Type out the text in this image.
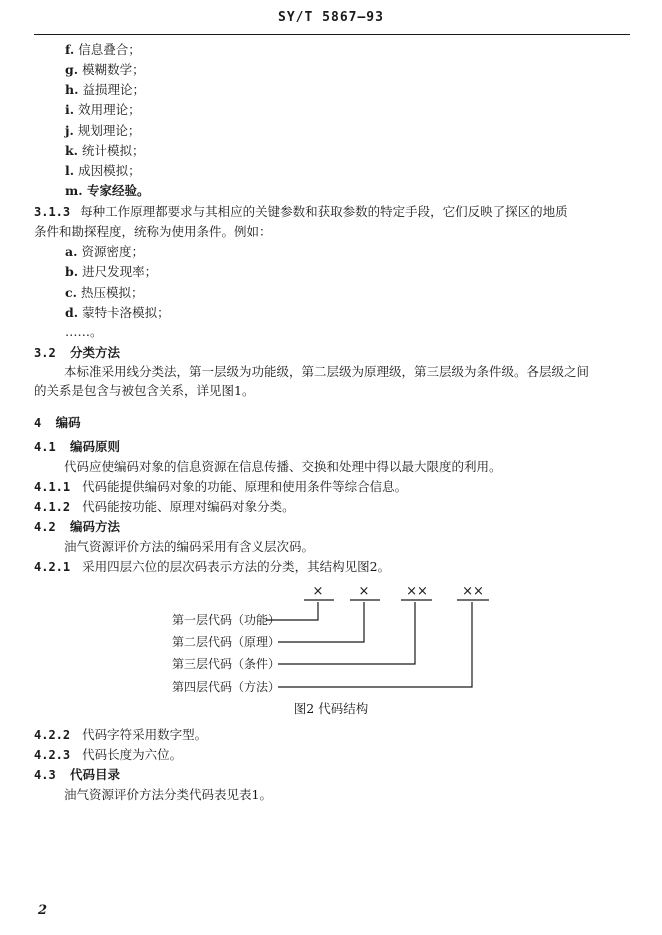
SY/T 5867—93
f. 信息叠合；
g. 模糊数学；
h. 益损理论；
i. 效用理论；
j. 规划理论；
k. 统计模拟；
l. 成因模拟；
m. 专家经验。
3.1.3 每种工作原理都要求与其相应的关键参数和获取参数的特定手段，它们反映了探区的地质
条件和勘探程度，统称为使用条件。例如：
a. 资源密度；
b. 进尺发现率；
c. 热压模拟；
d. 蒙特卡洛模拟；
……。
3.2 分类方法
本标准采用线分类法，第一层级为功能级，第二层级为原理级，第三层级为条件级。各层级之间
的关系是包含与被包含关系，详见图1。
4 编码
4.1 编码原则
代码应使编码对象的信息资源在信息传播、交换和处理中得以最大限度的利用。
4.1.1 代码能提供编码对象的功能、原理和使用条件等综合信息。
4.1.2 代码能按功能、原理对编码对象分类。
4.2 编码方法
油气资源评价方法的编码采用有含义层次码。
4.2.1 采用四层六位的层次码表示方法的分类，其结构见图2。
×	×	××	××
第一层代码（功能）
第二层代码（原理）
第三层代码（条件）
第四层代码（方法）
图2 代码结构
4.2.2 代码字符采用数字型。
4.2.3 代码长度为六位。
4.3 代码目录
油气资源评价方法分类代码表见表1。
2
